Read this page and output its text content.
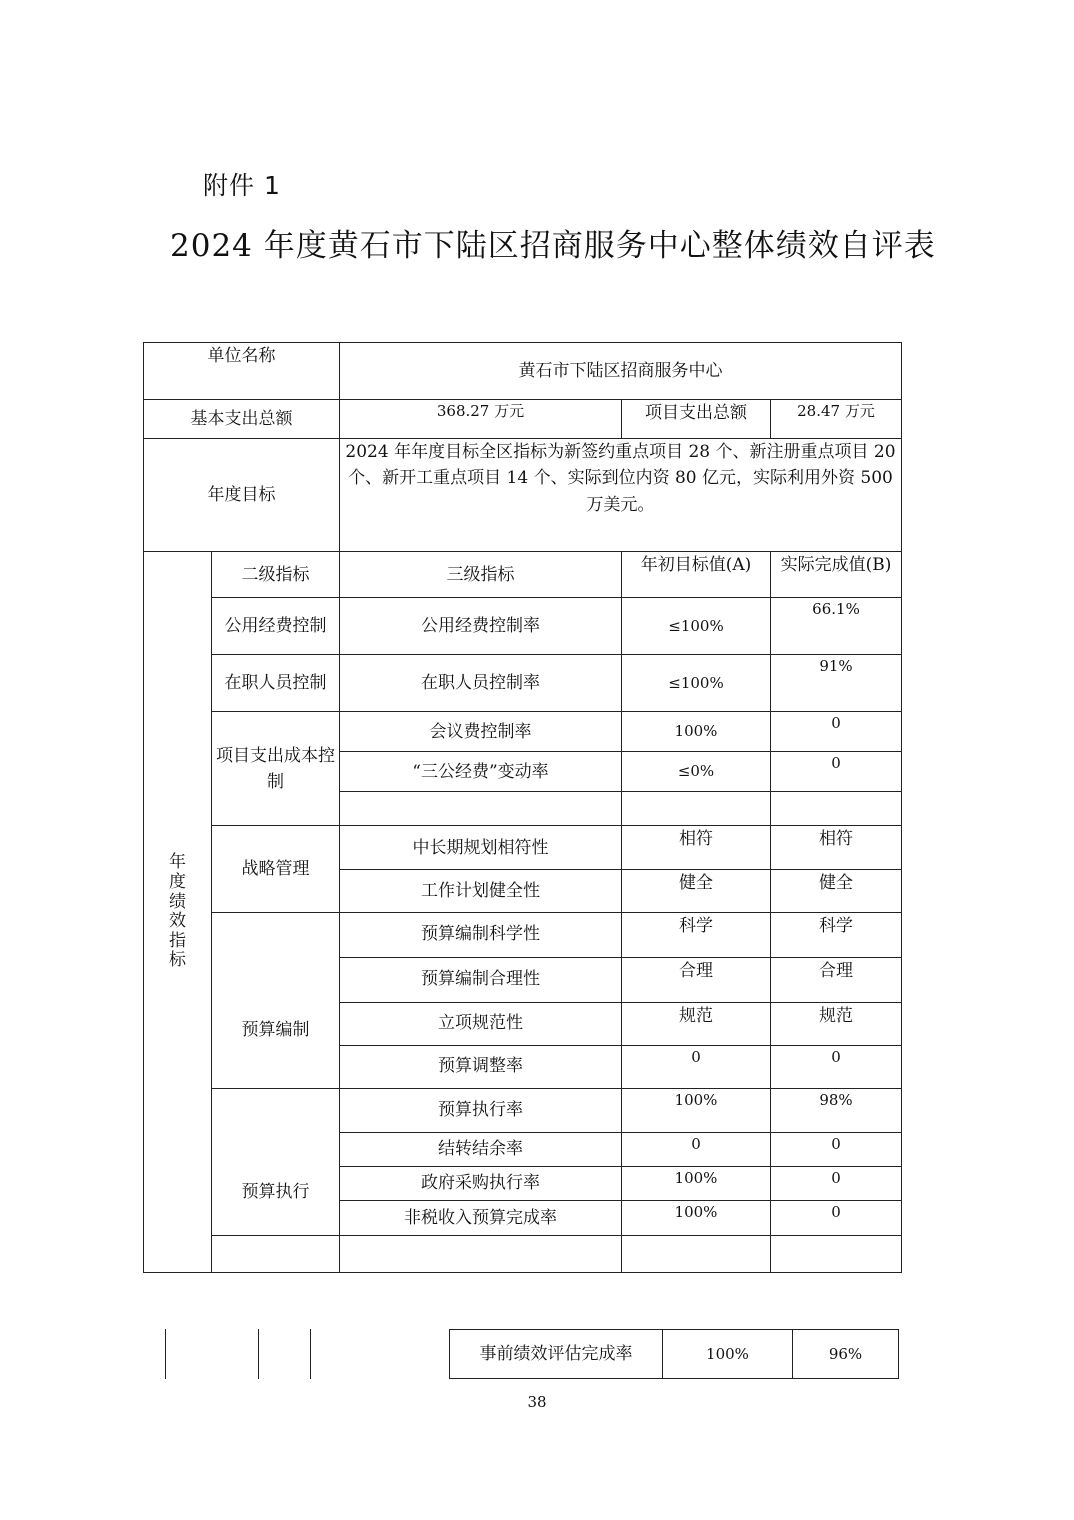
附件 1
2024 年度黄石市下陆区招商服务中心整体绩效自评表
单位名称		黄石市下陆区招商服务中心			
基本支出总额		368.27 万元	项目支出总额	28.47 万元	
年度目标		2024 年年度目标全区指标为新签约重点项目 28 个、新注册重点项目 20 个、新开工重点项目 14 个、实际到位内资 80 亿元，实际利用外资 500 万美元。			

年度绩效指标	二级指标	三级指标	年初目标值(A)	实际完成值(B)	
	公用经费控制	公用经费控制率	≤100%	66.1%	
	在职人员控制	在职人员控制率	≤100%	91%	
	项目支出成本控制	会议费控制率	100%	0	
		“三公经费”变动率	≤0%	0	

	战略管理	中长期规划相符性	相符	相符	
		工作计划健全性	健全	健全	

	预算编制	预算编制科学性	科学	科学	
		预算编制合理性	合理	合理	
		立项规范性	规范	规范	
		预算调整率	0	0	

	预算执行	预算执行率	100%	98%	
		结转结余率	0	0	
		政府采购执行率	100%	0	
		非税收入预算完成率	100%	0	

事前绩效评估完成率	100%	96%
38
